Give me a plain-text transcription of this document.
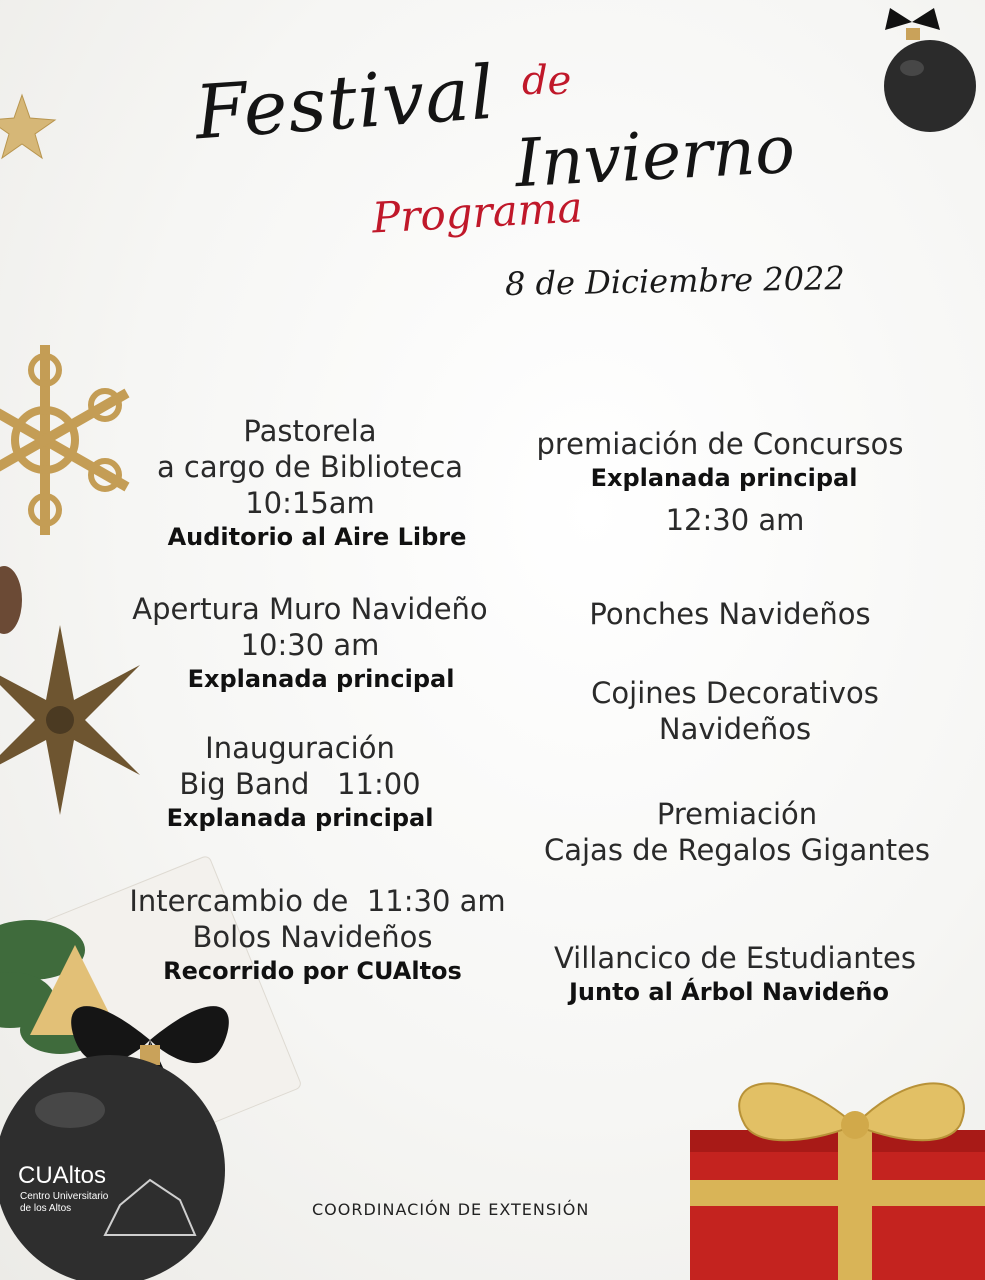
Festival de
Invierno
Programa
8 de Diciembre 2022
Pastorela
a cargo de Biblioteca
10:15am
Auditorio al Aire Libre
Apertura Muro Navideño
10:30 am
Explanada principal
Inauguración
Big Band   11:00
Explanada principal
Intercambio de  11:30 am
Bolos Navideños
Recorrido por CUAltos
premiación de Concursos
Explanada principal
12:30 am
Ponches Navideños
Cojines Decorativos
Navideños
Premiación
Cajas de Regalos Gigantes
Villancico de Estudiantes
Junto al Árbol Navideño
CUAltos
Centro Universitario
de los Altos	COORDINACIÓN DE EXTENSIÓN
